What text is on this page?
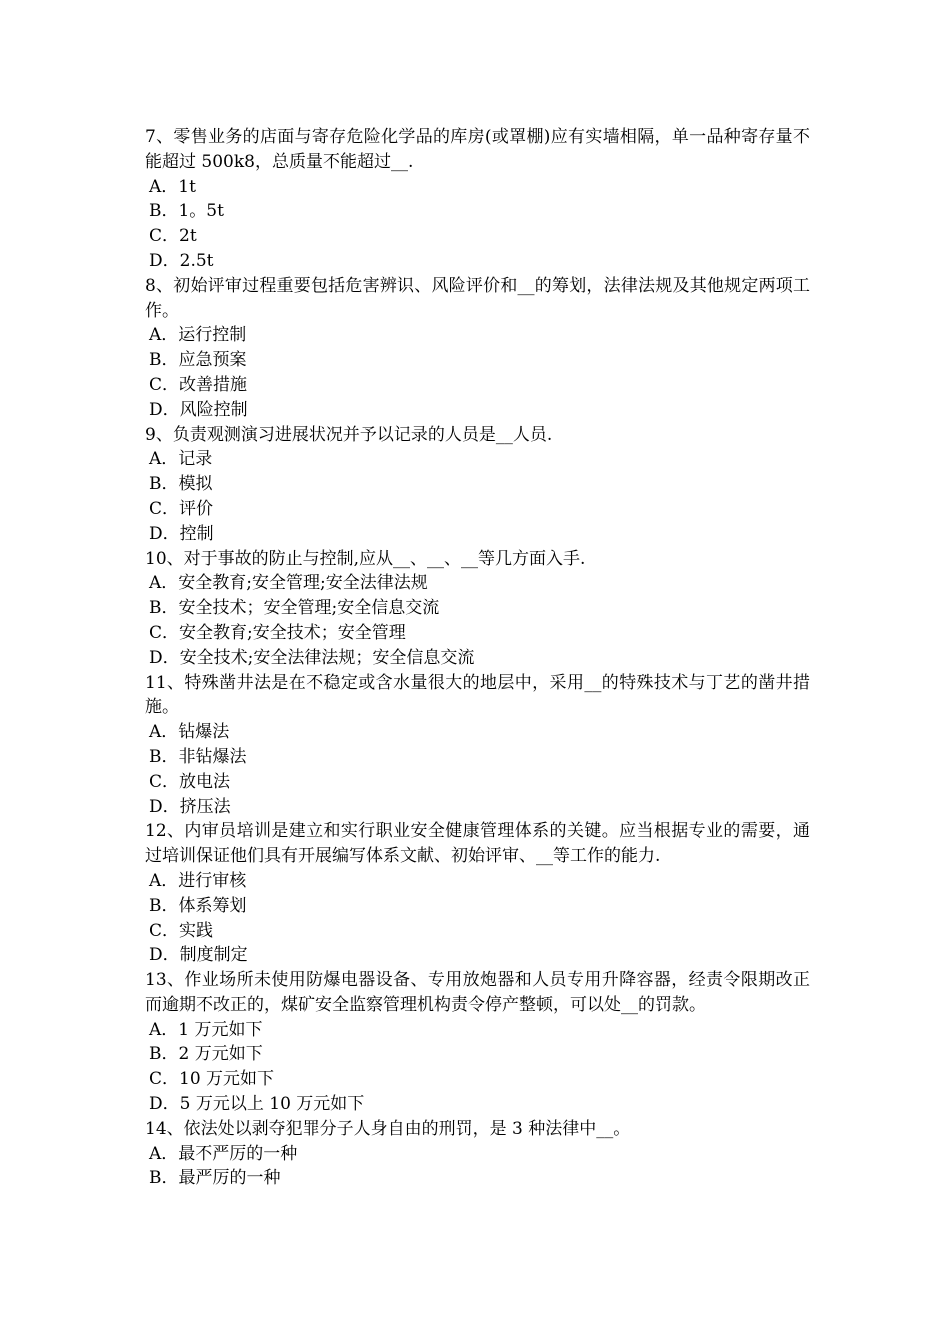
7、零售业务的店面与寄存危险化学品的库房(或罩棚)应有实墙相隔，单一品种寄存量不能超过 500k8，总质量不能超过__.
A．1t
B．1。5t
C．2t
D．2.5t
8、初始评审过程重要包括危害辨识、风险评价和__的筹划，法律法规及其他规定两项工作。
A．运行控制
B．应急预案
C．改善措施
D．风险控制
9、负责观测演习进展状况并予以记录的人员是__人员.
A．记录
B．模拟
C．评价
D．控制
10、对于事故的防止与控制,应从__、__、__等几方面入手.
A．安全教育;安全管理;安全法律法规
B．安全技术；安全管理;安全信息交流
C．安全教育;安全技术；安全管理
D．安全技术;安全法律法规；安全信息交流
11、特殊凿井法是在不稳定或含水量很大的地层中，采用__的特殊技术与丁艺的凿井措施。
A．钻爆法
B．非钻爆法
C．放电法
D．挤压法
12、内审员培训是建立和实行职业安全健康管理体系的关键。应当根据专业的需要，通过培训保证他们具有开展编写体系文献、初始评审、__等工作的能力.
A．进行审核
B．体系筹划
C．实践
D．制度制定
13、作业场所未使用防爆电器设备、专用放炮器和人员专用升降容器，经责令限期改正而逾期不改正的，煤矿安全监察管理机构责令停产整顿，可以处__的罚款。
A．1 万元如下
B．2 万元如下
C．10 万元如下
D．5 万元以上 10 万元如下
14、依法处以剥夺犯罪分子人身自由的刑罚，是 3 种法律中__。
A．最不严厉的一种
B．最严厉的一种
